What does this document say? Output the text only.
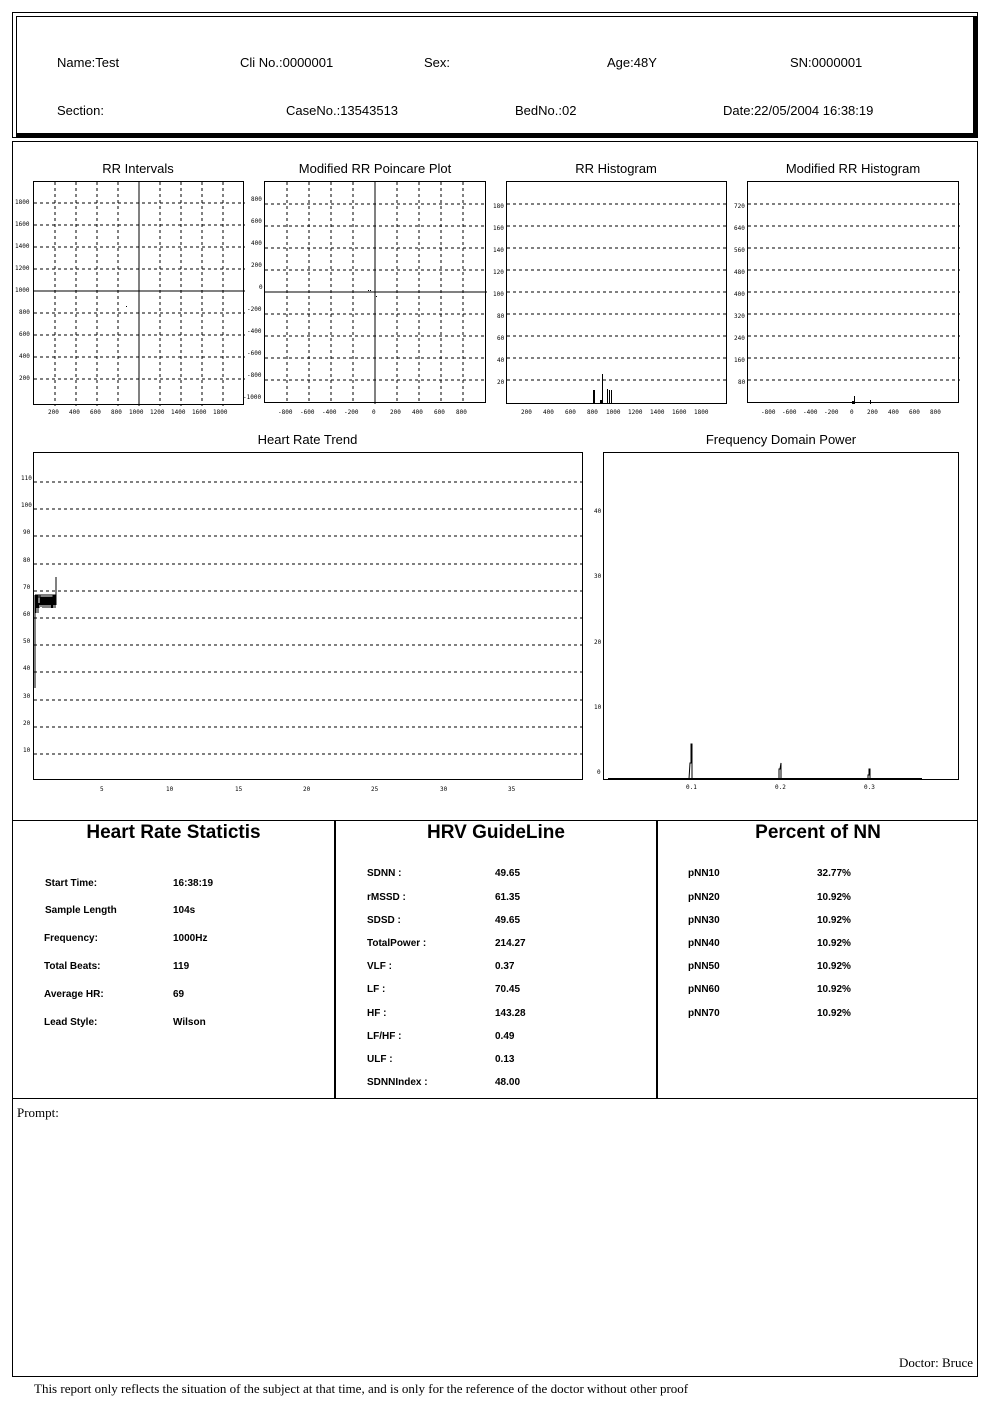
Name:Test	Cli No.:0000001	Sex:	Age:48Y	SN:0000001
Section:	CaseNo.:13543513	BedNo.:02	Date:22/05/2004 16:38:19
RR Intervals
1800
1600
1400
1200
1000
800
600
400
200
200 400 600 800 1000 1200 1400 1600 1800
Modified RR Poincare Plot
800
600
400
200
0
-200
-400
-600
-800
-1000
-800 -600 -400 -200 0 200 400 600 800
RR Histogram
180
160
140
120
100
80
60
40
20
200 400 600 800 1000 1200 1400 1600 1800
Modified RR Histogram
720
640
560
480
400
320
240
160
80
-800 -600 -400 -200 0 200 400 600 800
Heart Rate Trend
110
100
90
80
70
60
50
40
30
20
10
5	10	15	20	25	30	35
Frequency Domain Power
40
30
20
10
0
0.1	0.2	0.3
Heart Rate Statictis
Start Time:	16:38:19
Sample Length	104s
Frequency:	1000Hz
Total Beats:	119
Average HR:	69
Lead Style:	Wilson
HRV GuideLine
SDNN :	49.65
rMSSD :	61.35
SDSD :	49.65
TotalPower :	214.27
VLF :	0.37
LF :	70.45
HF :	143.28
LF/HF :	0.49
ULF :	0.13
SDNNIndex :	48.00
Percent of NN
pNN10	32.77%
pNN20	10.92%
pNN30	10.92%
pNN40	10.92%
pNN50	10.92%
pNN60	10.92%
pNN70	10.92%
Prompt:
Doctor: Bruce
This report only reflects the situation of the subject at that time, and is only for the reference of the doctor without other proof
